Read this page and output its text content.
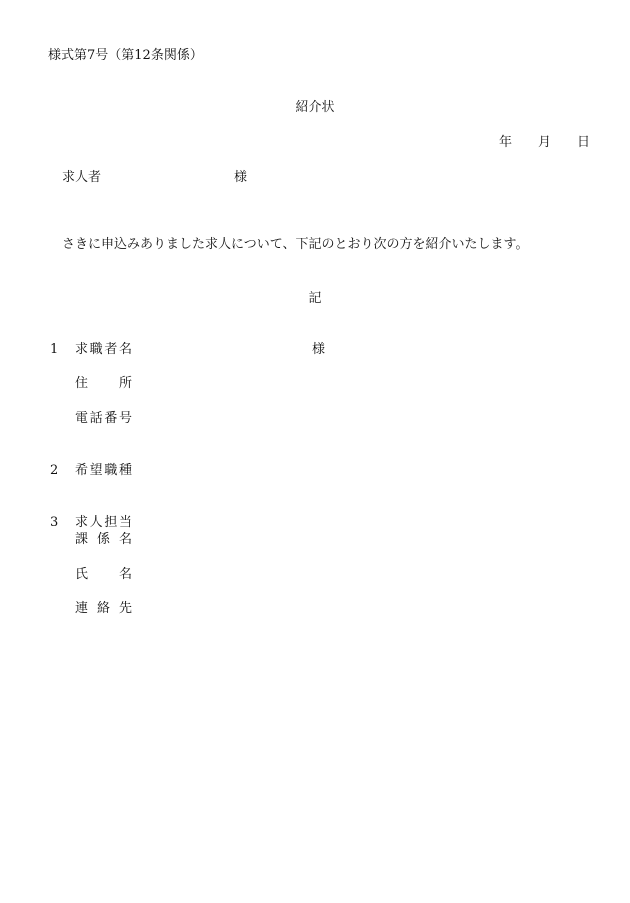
様式第7号（第12条関係）
紹介状
年 月 日
求人者	様
さきに申込みありました求人について、下記のとおり次の方を紹介いたします。
記
1 求 職 者 名	様
住 所
電 話 番 号
2 希 望 職 種
3 求 人 担 当
課 係 名
氏 名
連 絡 先
